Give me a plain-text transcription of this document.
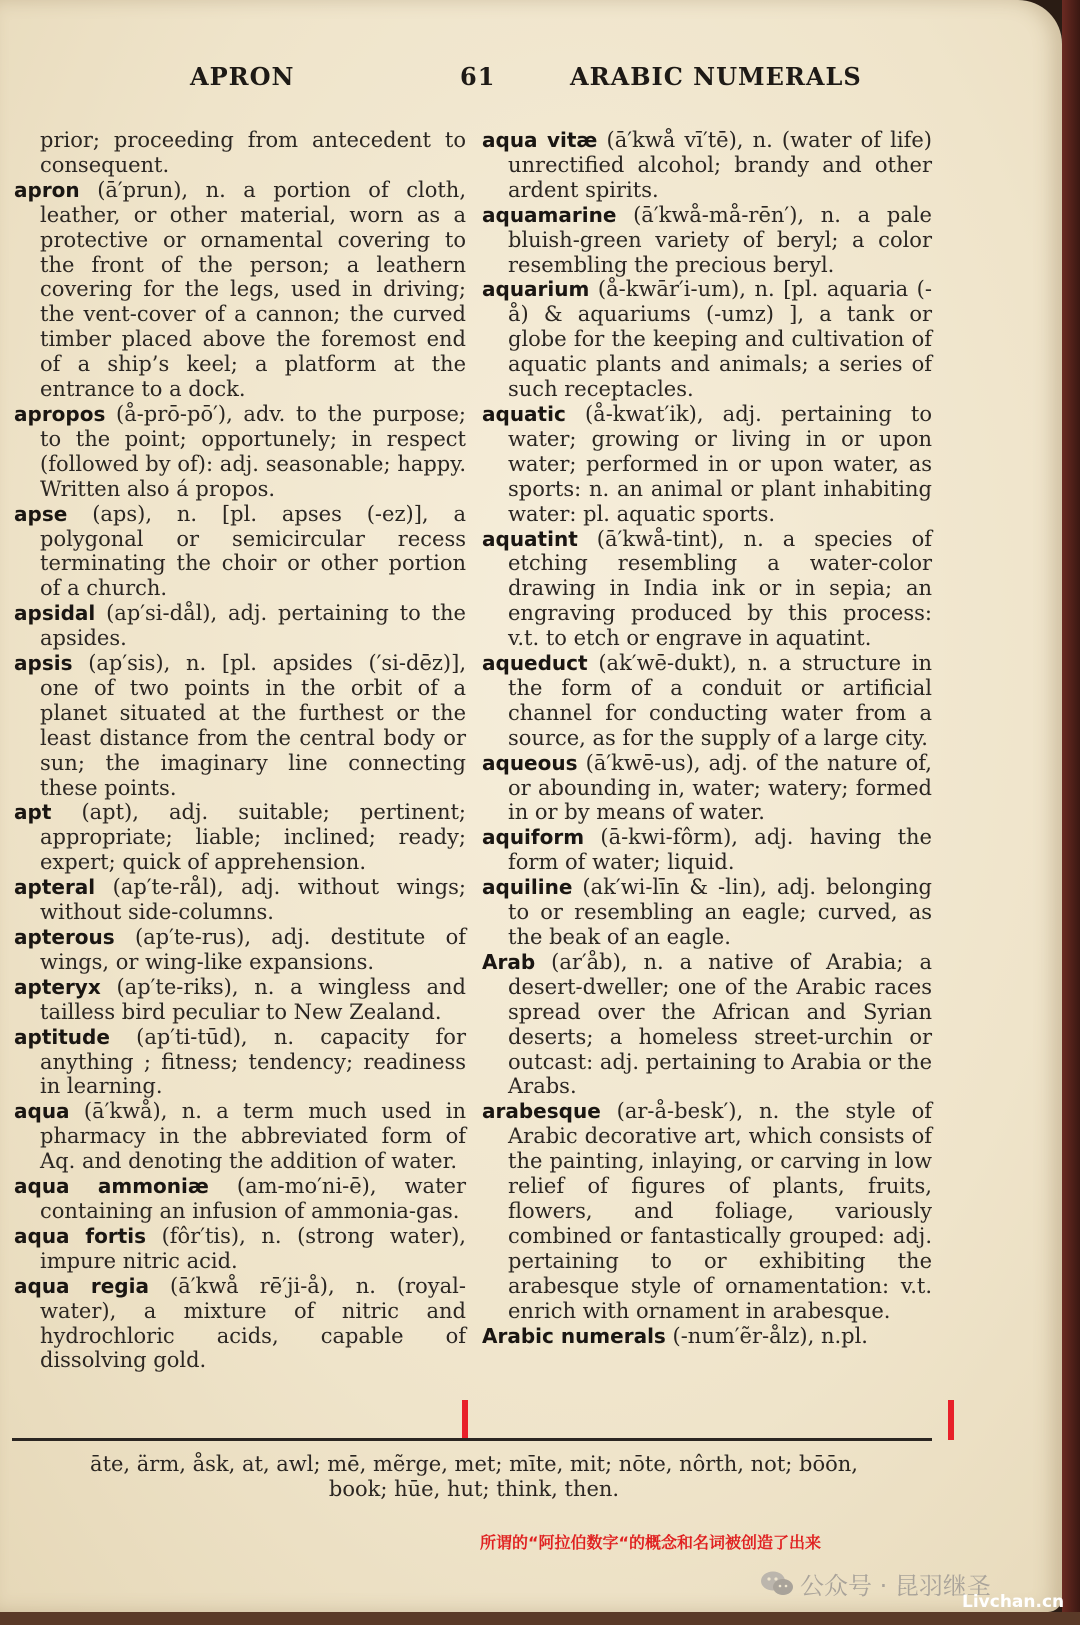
APRON	61	ARABIC NUMERALS

prior; proceeding from antecedent to consequent.

apron (ā′prun), n. a portion of cloth, leather, or other material, worn as a protective or ornamental covering to the front of the person; a leathern covering for the legs, used in driving; the vent-cover of a cannon; the curved timber placed above the foremost end of a ship’s keel; a platform at the entrance to a dock.

apropos (å-prō-pō′), adv. to the purpose; to the point; opportunely; in respect (followed by of): adj. seasonable; happy. Written also á propos.

apse (aps), n. [pl. apses (-ez)], a polygonal or semicircular recess terminating the choir or other portion of a church.

apsidal (ap′si-dål), adj. pertaining to the apsides.

apsis (ap′sis), n. [pl. apsides (′si-dēz)], one of two points in the orbit of a planet situated at the furthest or the least distance from the central body or sun; the imaginary line connecting these points.

apt (apt), adj. suitable; pertinent; appropriate; liable; inclined; ready; expert; quick of apprehension.

apteral (ap′te-rål), adj. without wings; without side-columns.

apterous (ap′te-rus), adj. destitute of wings, or wing-like expansions.

apteryx (ap′te-riks), n. a wingless and tailless bird peculiar to New Zealand.

aptitude (ap′ti-tūd), n. capacity for anything ; fitness; tendency; readiness in learning.

aqua (ā′kwå), n. a term much used in pharmacy in the abbreviated form of Aq. and denoting the addition of water.

aqua ammoniæ (am-mo′ni-ē), water containing an infusion of ammonia-gas.

aqua fortis (fôr′tis), n. (strong water), impure nitric acid.

aqua regia (ā′kwå rē′ji-å), n. (royal-water), a mixture of nitric and hydrochloric acids, capable of dissolving gold.

aqua vitæ (ā′kwå vī′tē), n. (water of life) unrectified alcohol; brandy and other ardent spirits.

aquamarine (ā′kwå-må-rēn′), n. a pale bluish-green variety of beryl; a color resembling the precious beryl.

aquarium (å-kwār′i-um), n. [pl. aquaria (-å) & aquariums (-umz) ], a tank or globe for the keeping and cultivation of aquatic plants and animals; a series of such receptacles.

aquatic (å-kwat′ik), adj. pertaining to water; growing or living in or upon water; performed in or upon water, as sports: n. an animal or plant inhabiting water: pl. aquatic sports.

aquatint (ā′kwå-tint), n. a species of etching resembling a water-color drawing in India ink or in sepia; an engraving produced by this process: v.t. to etch or engrave in aquatint.

aqueduct (ak′wē-dukt), n. a structure in the form of a conduit or artificial channel for conducting water from a source, as for the supply of a large city.

aqueous (ā′kwē-us), adj. of the nature of, or abounding in, water; watery; formed in or by means of water.

aquiform (ā-kwi-fôrm), adj. having the form of water; liquid.

aquiline (ak′wi-līn & -lin), adj. belonging to or resembling an eagle; curved, as the beak of an eagle.

Arab (ar′åb), n. a native of Arabia; a desert-dweller; one of the Arabic races spread over the African and Syrian deserts; a homeless street-urchin or outcast: adj. pertaining to Arabia or the Arabs.

arabesque (ar-å-besk′), n. the style of Arabic decorative art, which consists of the painting, inlaying, or carving in low relief of figures of plants, fruits, flowers, and foliage, variously combined or fantastically grouped: adj. pertaining to or exhibiting the arabesque style of ornamentation: v.t. enrich with ornament in arabesque.

Arabic numerals (-num′ẽr-ålz), n.pl.

āte, ärm, åsk, at, awl; mē, mẽrge, met; mīte, mit; nōte, nôrth, not; bōōn,
book; hūe, hut; think, then.
所谓的“阿拉伯数字“的概念和名词被创造了出来
公众号 · 昆羽继圣
Livchan.cn
